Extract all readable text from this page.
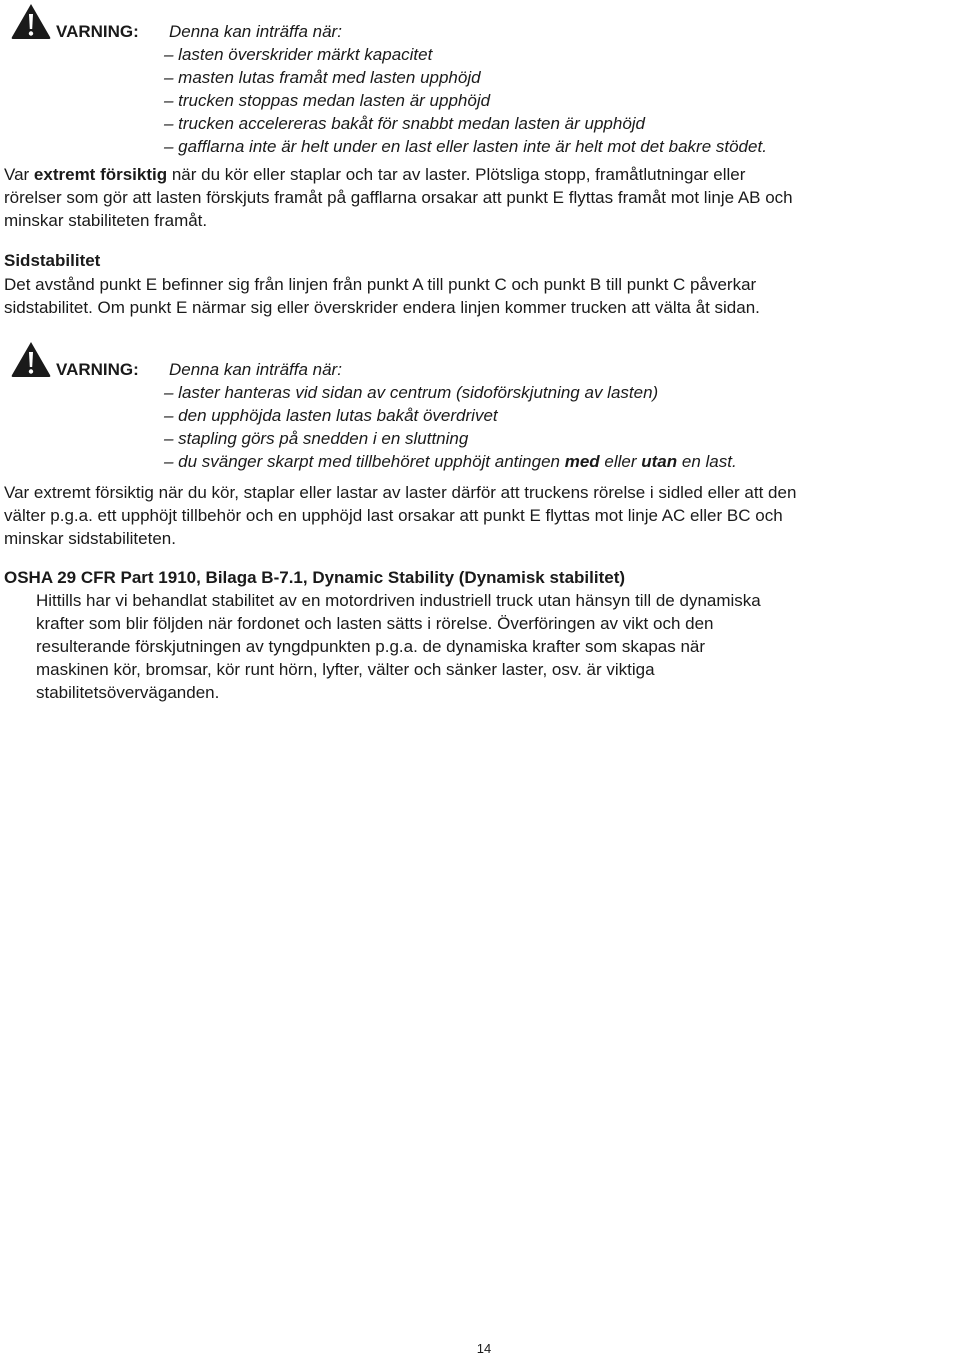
VARNING: Denna kan inträffa när:
– lasten överskrider märkt kapacitet
– masten lutas framåt med lasten upphöjd
– trucken stoppas medan lasten är upphöjd
– trucken accelereras bakåt för snabbt medan lasten är upphöjd
– gafflarna inte är helt under en last eller lasten inte är helt mot det bakre stödet.

Var extremt försiktig när du kör eller staplar och tar av laster. Plötsliga stopp, framåtlutningar eller
rörelser som gör att lasten förskjuts framåt på gafflarna orsakar att punkt E flyttas framåt mot linje AB och
minskar stabiliteten framåt.

Sidstabilitet

Det avstånd punkt E befinner sig från linjen från punkt A till punkt C och punkt B till punkt C påverkar
sidstabilitet. Om punkt E närmar sig eller överskrider endera linjen kommer trucken att välta åt sidan.

VARNING: Denna kan inträffa när:
– laster hanteras vid sidan av centrum (sidoförskjutning av lasten)
– den upphöjda lasten lutas bakåt överdrivet
– stapling görs på snedden i en sluttning
– du svänger skarpt med tillbehöret upphöjt antingen med eller utan en last.

Var extremt försiktig när du kör, staplar eller lastar av laster därför att truckens rörelse i sidled eller att den
välter p.g.a. ett upphöjt tillbehör och en upphöjd last orsakar att punkt E flyttas mot linje AC eller BC och
minskar sidstabiliteten.

OSHA 29 CFR Part 1910, Bilaga B-7.1, Dynamic Stability (Dynamisk stabilitet)

Hittills har vi behandlat stabilitet av en motordriven industriell truck utan hänsyn till de dynamiska
krafter som blir följden när fordonet och lasten sätts i rörelse. Överföringen av vikt och den
resulterande förskjutningen av tyngdpunkten p.g.a. de dynamiska krafter som skapas när
maskinen kör, bromsar, kör runt hörn, lyfter, välter och sänker laster, osv. är viktiga
stabilitetsöverväganden.

14
